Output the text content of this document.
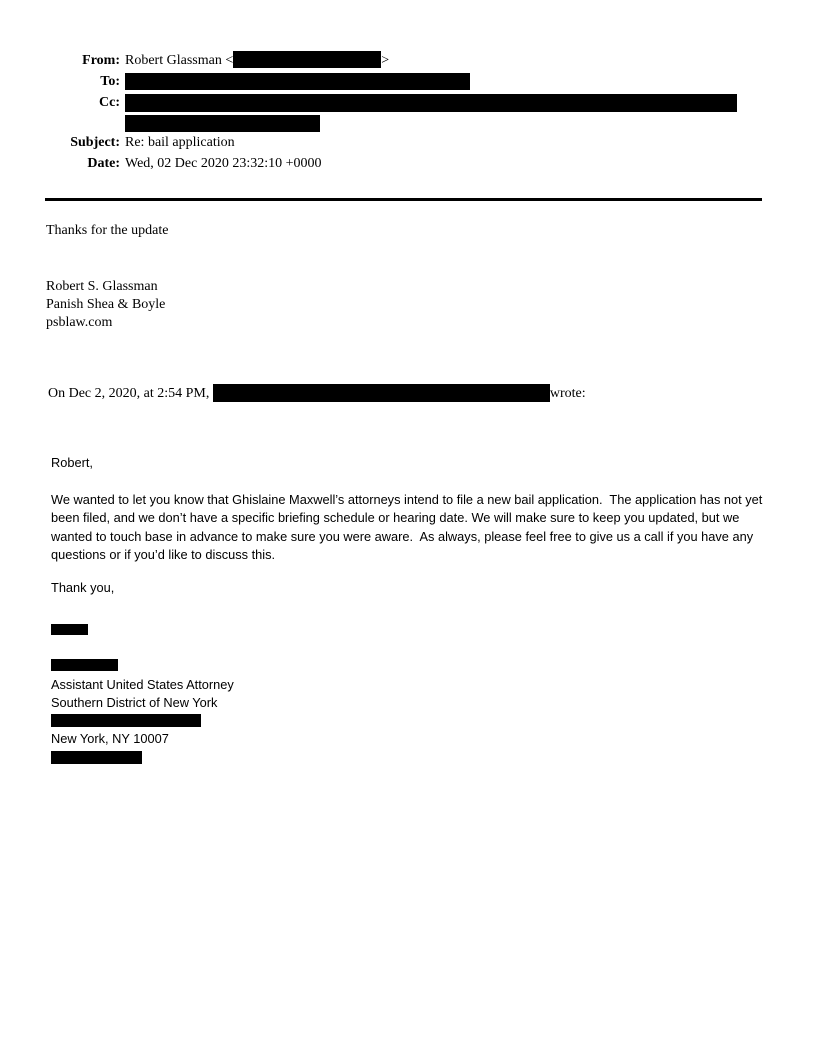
From: Robert Glassman <	>
To:
Cc:
Subject: Re: bail application
Date: Wed, 02 Dec 2020 23:32:10 +0000
Thanks for the update
Robert S. Glassman
Panish Shea & Boyle
psblaw.com
On Dec 2, 2020, at 2:54 PM,	wrote:
Robert,
We wanted to let you know that Ghislaine Maxwell’s attorneys intend to file a new bail application.  The application has not yet been filed, and we don’t have a specific briefing schedule or hearing date. We will make sure to keep you updated, but we wanted to touch base in advance to make sure you were aware.  As always, please feel free to give us a call if you have any questions or if you’d like to discuss this.
Thank you,
Assistant United States Attorney
Southern District of New York
New York, NY 10007
